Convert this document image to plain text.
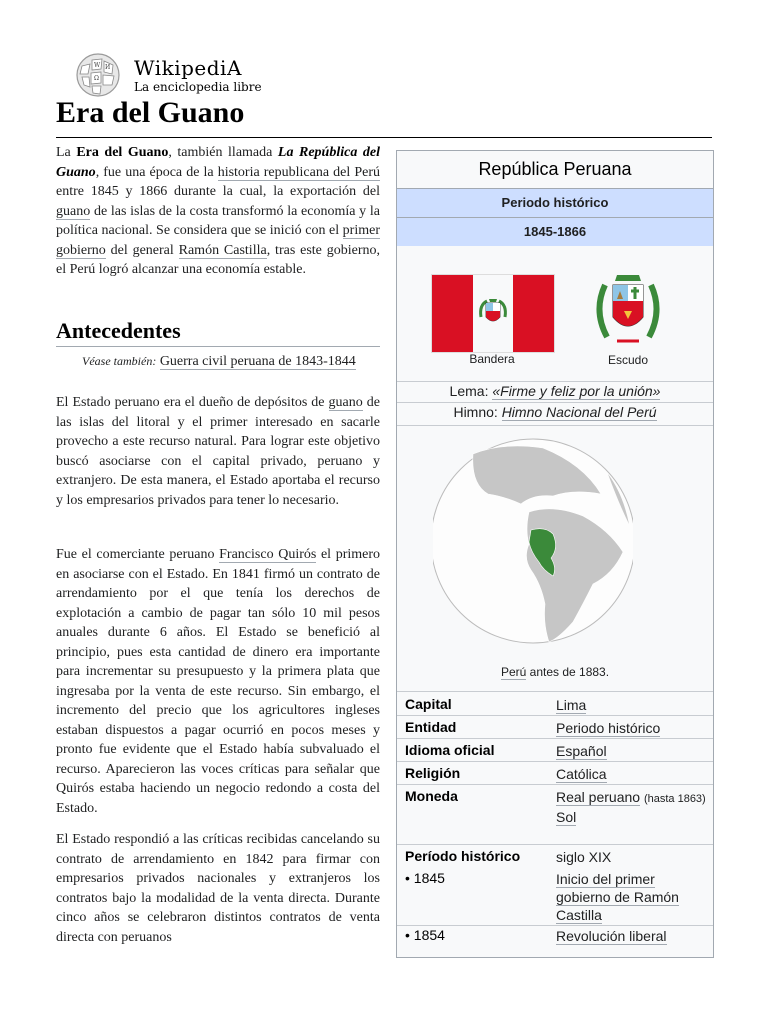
W
Ω
И WikipediA
La enciclopedia libre
Era del Guano

La Era del Guano, también llamada La República del Guano, fue una época de la historia republicana del Perú entre 1845 y 1866 durante la cual, la exportación del guano de las islas de la costa transformó la economía y la política nacional. Se considera que se inició con el primer gobierno del general Ramón Castilla, tras este gobierno, el Perú logró alcanzar una economía estable.

Antecedentes
Véase también: Guerra civil peruana de 1843-1844

El Estado peruano era el dueño de depósitos de guano de las islas del litoral y el primer interesado en sacarle provecho a este recurso natural. Para lograr este objetivo buscó asociarse con el capital privado, peruano y extranjero. De esta manera, el Estado aportaba el recurso y los empresarios privados para tener lo necesario.

Fue el comerciante peruano Francisco Quirós el primero en asociarse con el Estado. En 1841 firmó un contrato de arrendamiento por el que tenía los derechos de explotación a cambio de pagar tan sólo 10 mil pesos anuales durante 6 años. El Estado se benefició al principio, pues esta cantidad de dinero era importante para incrementar su presupuesto y la primera plata que ingresaba por la venta de este recurso. Sin embargo, el incremento del precio que los agricultores ingleses estaban dispuestos a pagar ocurrió en pocos meses y pronto fue evidente que el Estado había subvaluado el recurso. Aparecieron las voces críticas para señalar que Quirós estaba haciendo un negocio redondo a costa del Estado.

El Estado respondió a las críticas recibidas cancelando su contrato de arrendamiento en 1842 para firmar con empresarios privados nacionales y extranjeros los contratos bajo la modalidad de la venta directa. Durante cinco años se celebraron distintos contratos de venta directa con peruanos

República Peruana
Periodo histórico
1845-1866
Bandera	Escudo
Lema: «Firme y feliz por la unión»
Himno: Himno Nacional del Perú
Perú antes de 1883.
Capital	Lima
Entidad	Periodo histórico
Idioma oficial	Español
Religión	Católica
Moneda	Real peruano (hasta 1863)
Sol
Período histórico	siglo XIX
• 1845	Inicio del primer gobierno de Ramón Castilla
• 1854	Revolución liberal
